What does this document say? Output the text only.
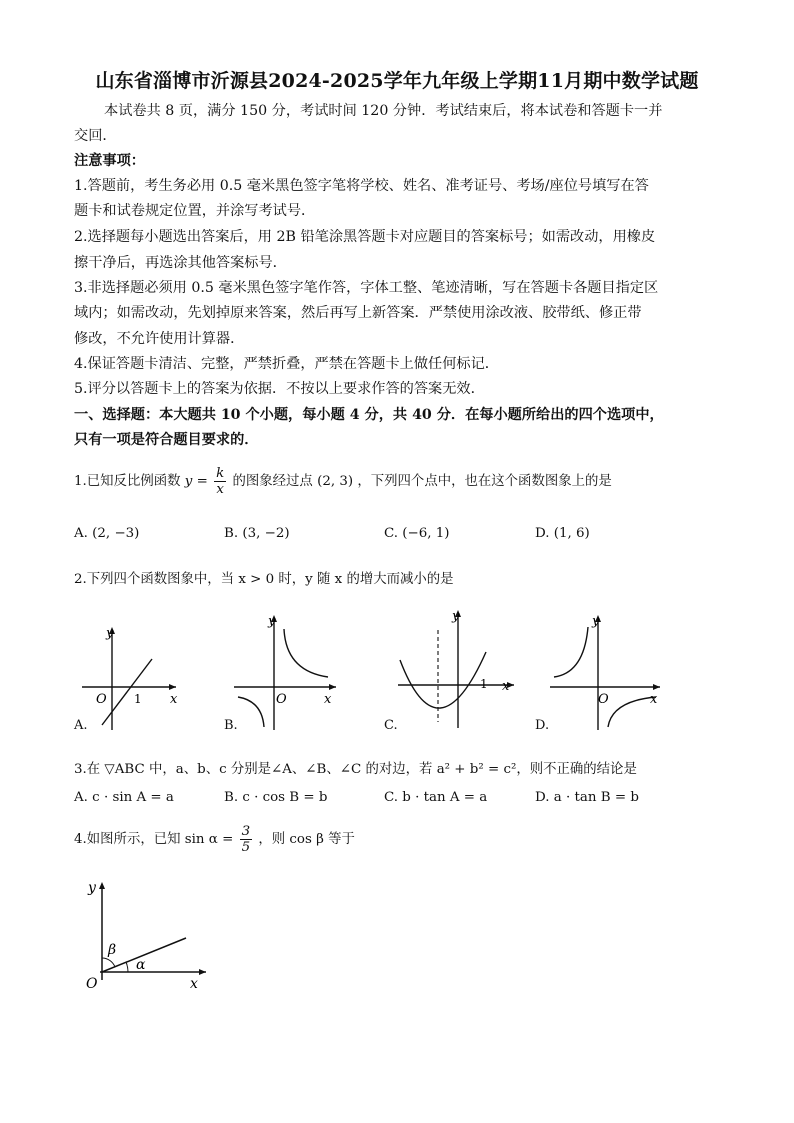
山东省淄博市沂源县2024-2025学年九年级上学期11月期中数学试题
本试卷共 8 页，满分 150 分，考试时间 120 分钟．考试结束后，将本试卷和答题卡一并
交回．
注意事项：
1.答题前，考生务必用 0.5 毫米黑色签字笔将学校、姓名、准考证号、考场/座位号填写在答
题卡和试卷规定位置，并涂写考试号．
2.选择题每小题选出答案后，用 2B 铅笔涂黑答题卡对应题目的答案标号；如需改动，用橡皮
擦干净后，再选涂其他答案标号．
3.非选择题必须用 0.5 毫米黑色签字笔作答，字体工整、笔迹清晰，写在答题卡各题目指定区
域内；如需改动，先划掉原来答案，然后再写上新答案．严禁使用涂改液、胶带纸、修正带
修改，不允许使用计算器．
4.保证答题卡清洁、完整，严禁折叠，严禁在答题卡上做任何标记．
5.评分以答题卡上的答案为依据．不按以上要求作答的答案无效．
一、选择题：本大题共 10 个小题，每小题 4 分，共 40 分．在每小题所给出的四个选项中，
只有一项是符合题目要求的．
1.已知反比例函数 $y = \frac{k}{x}$ 的图象经过点 (2, 3) ，下列四个点中，也在这个函数图象上的是
A. (2, −3)	B. (3, −2)	C. (−6, 1)	D. (1, 6)
2.下列四个函数图象中，当 x > 0 时，y 随 x 的增大而减小的是
y
x
O 1
A.
y
x
O
B.
y
x
1
C.
y
x
O
D.
3.在 ▽ABC 中，a、b、c 分别是∠A、∠B、∠C 的对边，若 a² + b² = c²，则不正确的结论是
A. c · sin A = a	B. c · cos B = b	C. b · tan A = a	D. a · tan B = b
4.如图所示，已知 $\sin \alpha = \frac{3}{5}$ ，则 cos β 等于
y
x
O
α
β
